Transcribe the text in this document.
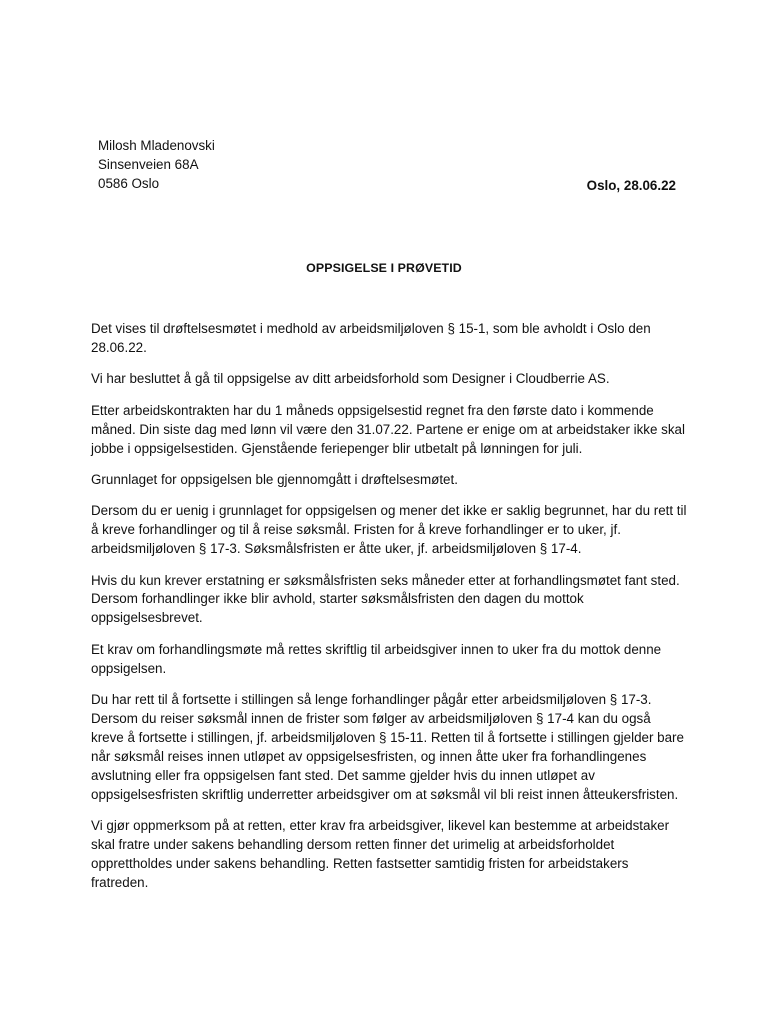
Milosh Mladenovski
Sinsenveien 68A
0586 Oslo	Oslo, 28.06.22
OPPSIGELSE I PRØVETID

Det vises til drøftelsesmøtet i medhold av arbeidsmiljøloven § 15-1, som ble avholdt i Oslo den 28.06.22.

Vi har besluttet å gå til oppsigelse av ditt arbeidsforhold som Designer i Cloudberrie AS.

Etter arbeidskontrakten har du 1 måneds oppsigelsestid regnet fra den første dato i kommende måned. Din siste dag med lønn vil være den 31.07.22. Partene er enige om at arbeidstaker ikke skal jobbe i oppsigelsestiden. Gjenstående feriepenger blir utbetalt på lønningen for juli.

Grunnlaget for oppsigelsen ble gjennomgått i drøftelsesmøtet.

Dersom du er uenig i grunnlaget for oppsigelsen og mener det ikke er saklig begrunnet, har du rett til å kreve forhandlinger og til å reise søksmål. Fristen for å kreve forhandlinger er to uker, jf. arbeidsmiljøloven § 17-3. Søksmålsfristen er åtte uker, jf. arbeidsmiljøloven § 17-4.

Hvis du kun krever erstatning er søksmålsfristen seks måneder etter at forhandlingsmøtet fant sted. Dersom forhandlinger ikke blir avhold, starter søksmålsfristen den dagen du mottok oppsigelsesbrevet.

Et krav om forhandlingsmøte må rettes skriftlig til arbeidsgiver innen to uker fra du mottok denne oppsigelsen.

Du har rett til å fortsette i stillingen så lenge forhandlinger pågår etter arbeidsmiljøloven § 17-3. Dersom du reiser søksmål innen de frister som følger av arbeidsmiljøloven § 17-4 kan du også kreve å fortsette i stillingen, jf. arbeidsmiljøloven § 15-11. Retten til å fortsette i stillingen gjelder bare når søksmål reises innen utløpet av oppsigelsesfristen, og innen åtte uker fra forhandlingenes avslutning eller fra oppsigelsen fant sted. Det samme gjelder hvis du innen utløpet av oppsigelsesfristen skriftlig underretter arbeidsgiver om at søksmål vil bli reist innen åtteukersfristen.

Vi gjør oppmerksom på at retten, etter krav fra arbeidsgiver, likevel kan bestemme at arbeidstaker skal fratre under sakens behandling dersom retten finner det urimelig at arbeidsforholdet opprettholdes under sakens behandling. Retten fastsetter samtidig fristen for arbeidstakers fratreden.
